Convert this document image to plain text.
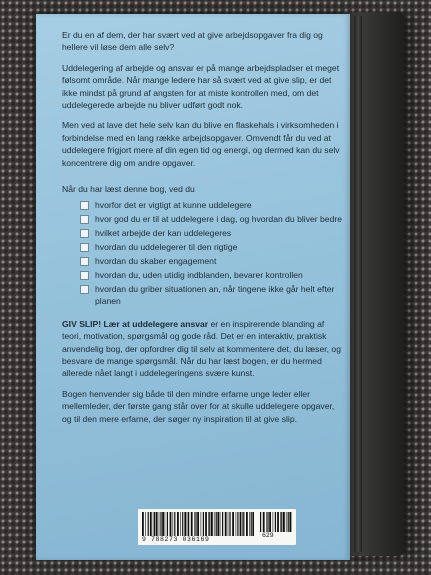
Er du en af dem, der har svært ved at give arbejdsopgaver fra dig og hellere vil løse dem alle selv?

Uddelegering af arbejde og ansvar er på mange arbejdspladser et meget følsomt område. Når mange ledere har så svært ved at give slip, er det ikke mindst på grund af angsten for at miste kontrollen med, om det uddelegerede arbejde nu bliver udført godt nok.

Men ved at lave det hele selv kan du blive en flaskehals i virksomheden i forbindelse med en lang række arbejdsopgaver. Omvendt får du ved at uddelegere frigjort mere af din egen tid og energi, og dermed kan du selv koncentrere dig om andre opgaver.

Når du har læst denne bog, ved du

hvorfor det er vigtigt at kunne uddelegere
hvor god du er til at uddelegere i dag, og hvordan du bliver bedre
hvilket arbejde der kan uddelegeres
hvordan du uddelegerer til den rigtige
hvordan du skaber engagement
hvordan du, uden utidig indblanden, bevarer kontrollen
hvordan du griber situationen an, når tingene ikke går helt efter planen

GIV SLIP! Lær at uddelegere ansvar er en inspirerende blanding af teori, motivation, spørgsmål og gode råd. Det er en interaktiv, praktisk anvendelig bog, der opfordrer dig til selv at kommentere det, du læser, og besvare de mange spørgsmål. Når du har læst bogen, er du hermed allerede nået langt i uddelegeringens svære kunst.

Bogen henvender sig både til den mindre erfarne unge leder eller mellemleder, der første gang står over for at skulle uddelegere opgaver, og til den mere erfarne, der søger ny inspiration til at give slip.

9 788273 036169
629
